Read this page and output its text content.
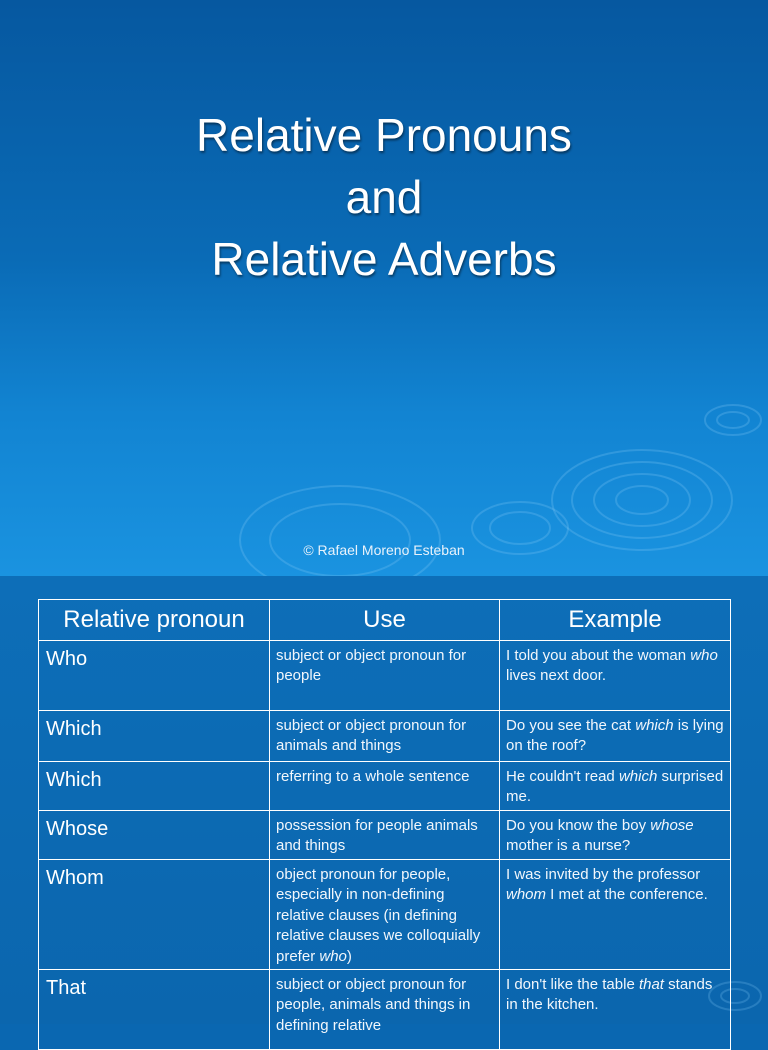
Relative Pronouns
and
Relative Adverbs
© Rafael Moreno Esteban
Relative pronoun	Use	Example
Who	subject or object pronoun for people	I told you about the woman who lives next door.
Which	subject or object pronoun for animals and things	Do you see the cat which is lying on the roof?
Which	referring to a whole sentence	He couldn't read which surprised me.
Whose	possession for people animals and things	Do you know the boy whose mother is a nurse?
Whom	object pronoun for people, especially in non-defining relative clauses (in defining relative clauses we colloquially prefer who)	I was invited by the professor whom I met at the conference.
That	subject or object pronoun for people, animals and things in defining relative	I don't like the table that stands in the kitchen.
